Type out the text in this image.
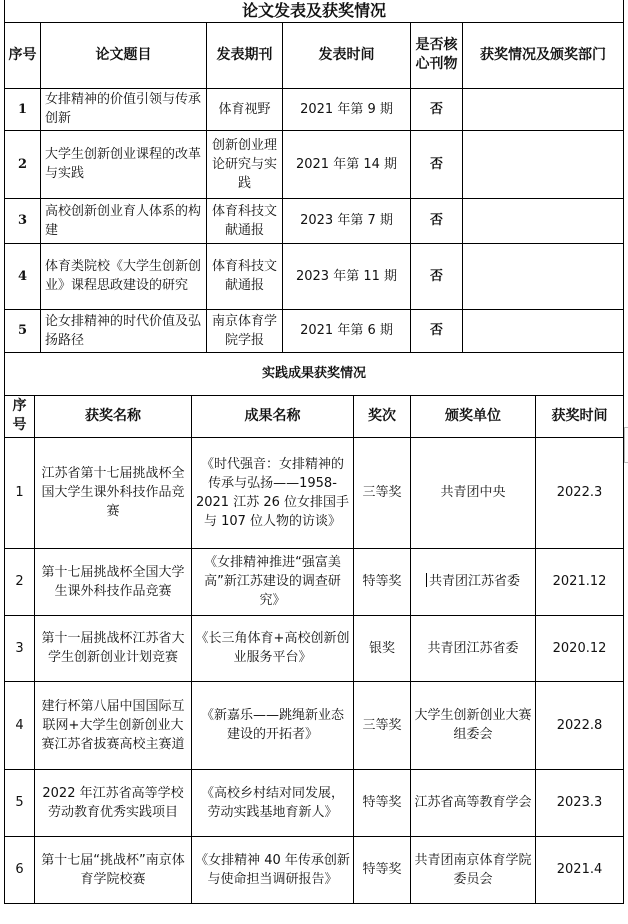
论文发表及获奖情况					
序号	论文题目	发表期刊	发表时间	是否核心刊物	获奖情况及颁奖部门
1	女排精神的价值引领与传承创新	体育视野	2021 年第 9 期	否	
2	大学生创新创业课程的改革与实践	创新创业理论研究与实践	2021 年第 14 期	否	
3	高校创新创业育人体系的构建	体育科技文献通报	2023 年第 7 期	否	
4	体育类院校《大学生创新创业》课程思政建设的研究	体育科技文献通报	2023 年第 11 期	否	
5	论女排精神的时代价值及弘扬路径	南京体育学院学报	2021 年第 6 期	否	
实践成果获奖情况					
序号	获奖名称	成果名称	奖次	颁奖单位	获奖时间
1	江苏省第十七届挑战杯全国大学生课外科技作品竞赛	《时代强音：女排精神的传承与弘扬——1958-2021 江苏 26 位女排国手与 107 位人物的访谈》	三等奖	共青团中央	2022.3
2	第十七届挑战杯全国大学生课外科技作品竞赛	《女排精神推进“强富美高”新江苏建设的调查研究》	特等奖	共青团江苏省委	2021.12
3	第十一届挑战杯江苏省大学生创新创业计划竞赛	《长三角体育+高校创新创业服务平台》	银奖	共青团江苏省委	2020.12
4	建行杯第八届中国国际互联网+大学生创新创业大赛江苏省拔赛高校主赛道	《新嘉乐——跳绳新业态建设的开拓者》	三等奖	大学生创新创业大赛组委会	2022.8
5	2022 年江苏省高等学校劳动教育优秀实践项目	《高校乡村结对同发展，劳动实践基地育新人》	特等奖	江苏省高等教育学会	2023.3
6	第十七届“挑战杯”南京体育学院校赛	《女排精神 40 年传承创新与使命担当调研报告》	特等奖	共青团南京体育学院委员会	2021.4
